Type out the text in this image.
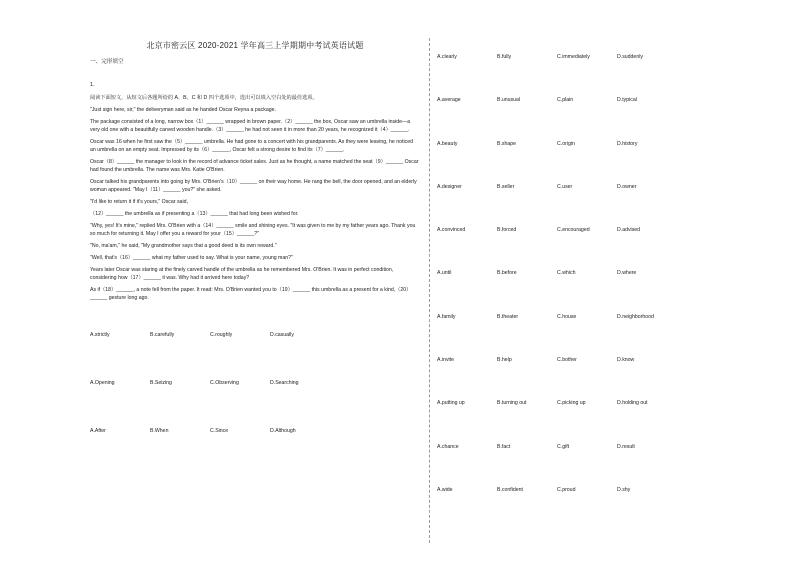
北京市密云区 2020-2021 学年高三上学期期中考试英语试题
一、完形填空
1.
阅读下面短文，从短文后各题所给的 A、B、C 和 D 四个选项中，选出可以填入空白处的最佳选项。
"Just sign here, sir," the deliveryman said as he handed Oscar Reyna a package.
The package consisted of a long, narrow box（1）______ wrapped in brown paper.（2）______ the box, Oscar saw an umbrella inside—a very old one with a beautifully carved wooden handle.（3）______ he had not seen it in more than 20 years, he recognized it（4）______.
Oscar was 16 when he first saw the（5）______ umbrella. He had gone to a concert with his grandparents. As they were leaving, he noticed an umbrella on an empty seat. Impressed by its（6）______, Oscar felt a strong desire to find its（7）______.
Oscar（8）______ the manager to look in the record of advance ticket sales. Just as he thought, a name matched the seat（9）______ Oscar had found the umbrella. The name was Mrs. Katie O'Brien.
Oscar talked his grandparents into going by Mrs. O'Brien's（10）______ on their way home. He rang the bell, the door opened, and an elderly woman appeared. "May I（11）______ you?" she asked.
"I'd like to return it if it's yours," Oscar said,
（12）______ the umbrella as if presenting a（13）______ that had long been wished for.
"Why, yes! It's mine," replied Mrs. O'Brien with a（14）______ smile and shining eyes. "It was given to me by my father years ago. Thank you so much for returning it. May I offer you a reward for your（15）______?"
"No, ma'am," he said, "My grandmother says that a good deed is its own reward."
"Well, that's（16）______ what my father used to say. What is your name, young man?"
Years later Oscar was staring at the finely carved handle of the umbrella as he remembered Mrs. O'Brien. It was in perfect condition, considering how（17）______ it was. Why had it arrived here today?
As if（18）______, a note fell from the paper. It read: Mrs. O'Brien wanted you to（19）______ this umbrella as a present for a kind,（20）______ gesture long ago.
A.strictly	B.carefully	C.roughly	D.casually
A.Opening	B.Seizing	C.Observing	D.Searching
A.After	B.When	C.Since	D.Although
A.clearly	B.fully	C.immediately	D.suddenly
A.average	B.unusual	C.plain	D.typical
A.beauty	B.shape	C.origin	D.history
A.designer	B.seller	C.user	D.owner
A.convinced	B.forced	C.encouraged	D.advised
A.until	B.before	C.which	D.where
A.family	B.theater	C.house	D.neighborhood
A.invite	B.help	C.bother	D.know
A.putting up	B.turning out	C.picking up	D.holding out
A.chance	B.fact	C.gift	D.result
A.wide	B.confident	C.proud	D.shy
